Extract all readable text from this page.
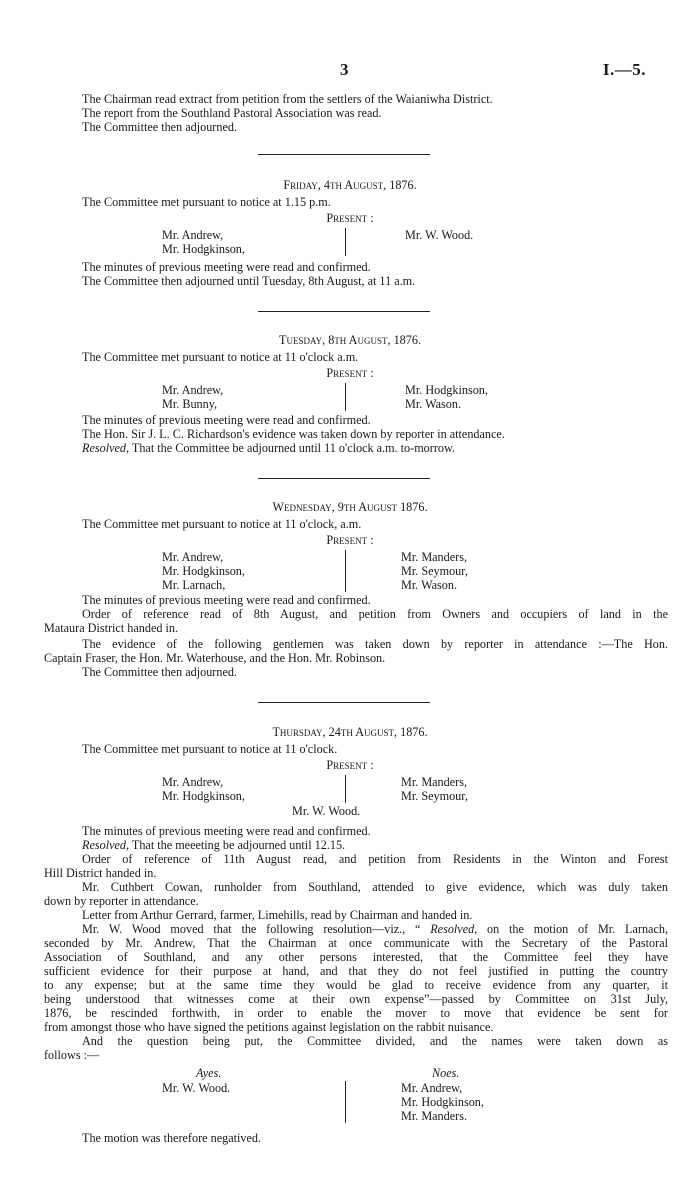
3	I.—5.
The Chairman read extract from petition from the settlers of the Waianiwha District.
The report from the Southland Pastoral Association was read.
The Committee then adjourned.
Friday, 4th August, 1876.
The Committee met pursuant to notice at 1.15 p.m.
Present :
Mr. Andrew,
Mr. Hodgkinson,
Mr. W. Wood.
The minutes of previous meeting were read and confirmed.
The Committee then adjourned until Tuesday, 8th August, at 11 a.m.
Tuesday, 8th August, 1876.
The Committee met pursuant to notice at 11 o'clock a.m.
Present :
Mr. Andrew,
Mr. Bunny,
Mr. Hodgkinson,
Mr. Wason.
The minutes of previous meeting were read and confirmed.
The Hon. Sir J. L. C. Richardson's evidence was taken down by reporter in attendance.
Resolved, That the Committee be adjourned until 11 o'clock a.m. to-morrow.
Wednesday, 9th August 1876.
The Committee met pursuant to notice at 11 o'clock, a.m.
Present :
Mr. Andrew,
Mr. Hodgkinson,
Mr. Larnach,
Mr. Manders,
Mr. Seymour,
Mr. Wason.
The minutes of previous meeting were read and confirmed.
Order of reference read of 8th August, and petition from Owners and occupiers of land in the
Mataura District handed in.
The evidence of the following gentlemen was taken down by reporter in attendance :—The Hon.
Captain Fraser, the Hon. Mr. Waterhouse, and the Hon. Mr. Robinson.
The Committee then adjourned.
Thursday, 24th August, 1876.
The Committee met pursuant to notice at 11 o'clock.
Present :
Mr. Andrew,
Mr. Hodgkinson,
Mr. Manders,
Mr. Seymour,
Mr. W. Wood.
The minutes of previous meeting were read and confirmed.
Resolved, That the meeeting be adjourned until 12.15.
Order of reference of 11th August read, and petition from Residents in the Winton and Forest
Hill District handed in.
Mr. Cuthbert Cowan, runholder from Southland, attended to give evidence, which was duly taken
down by reporter in attendance.
Letter from Arthur Gerrard, farmer, Limehills, read by Chairman and handed in.
Mr. W. Wood moved that the following resolution—viz., “ Resolved, on the motion of Mr. Larnach,
seconded by Mr. Andrew, That the Chairman at once communicate with the Secretary of the Pastoral
Association of Southland, and any other persons interested, that the Committee feel they have
sufficient evidence for their purpose at hand, and that they do not feel justified in putting the country
to any expense; but at the same time they would be glad to receive evidence from any quarter, it
being understood that witnesses come at their own expense”—passed by Committee on 31st July,
1876, be rescinded forthwith, in order to enable the mover to move that evidence be sent for
from amongst those who have signed the petitions against legislation on the rabbit nuisance.
And the question being put, the Committee divided, and the names were taken down as
follows :—
Ayes.	Noes.
Mr. W. Wood.	Mr. Andrew,
Mr. Hodgkinson,
Mr. Manders.
The motion was therefore negatived.
